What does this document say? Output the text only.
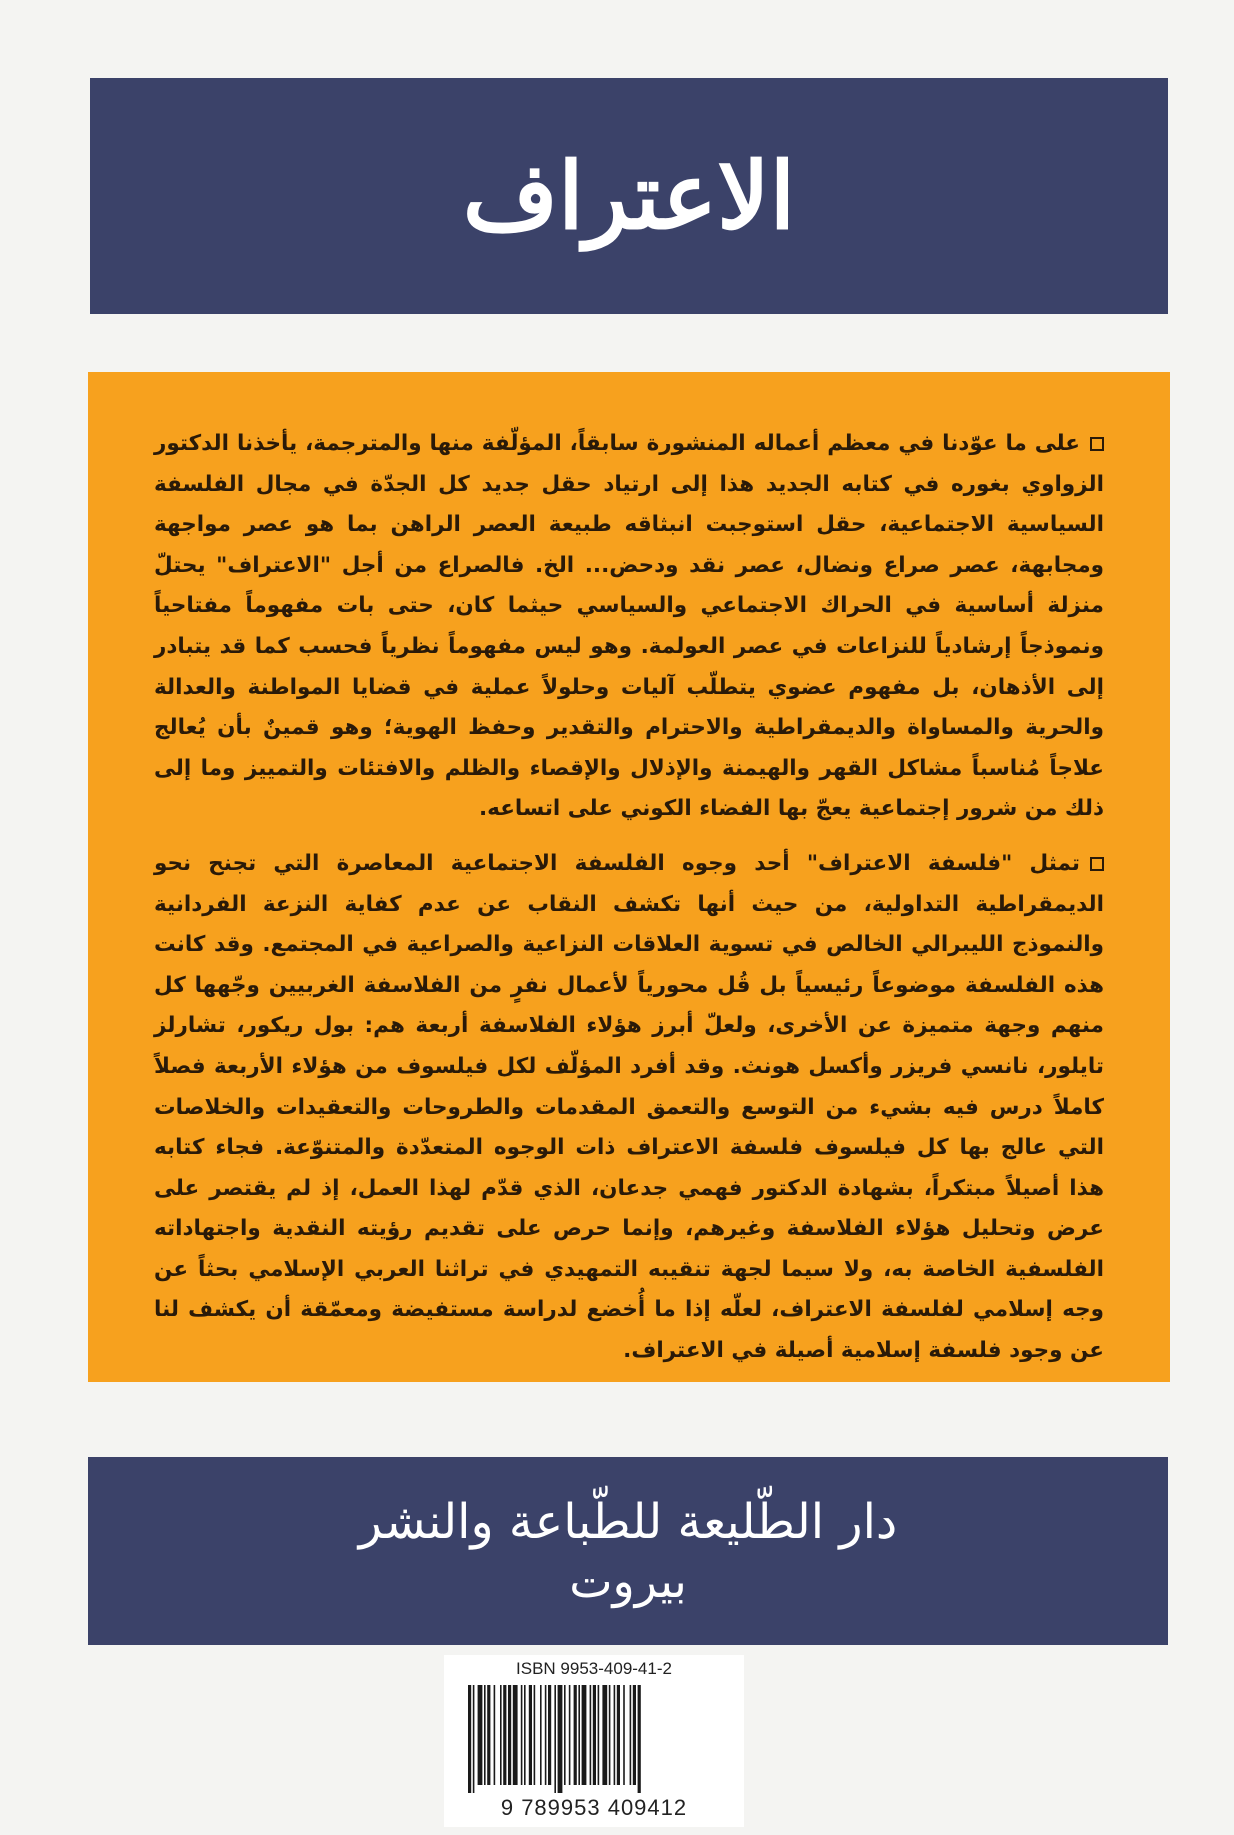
الاعتراف

على ما عوّدنا في معظم أعماله المنشورة سابقاً، المؤلّفة منها والمترجمة، يأخذنا الدكتور الزواوي بغوره في كتابه الجديد هذا إلى ارتياد حقل جديد كل الجدّة في مجال الفلسفة السياسية الاجتماعية، حقل استوجبت انبثاقه طبيعة العصر الراهن بما هو عصر مواجهة ومجابهة، عصر صراع ونضال، عصر نقد ودحض... الخ. فالصراع من أجل "الاعتراف" يحتلّ منزلة أساسية في الحراك الاجتماعي والسياسي حيثما كان، حتى بات مفهوماً مفتاحياً ونموذجاً إرشادياً للنزاعات في عصر العولمة. وهو ليس مفهوماً نظرياً فحسب كما قد يتبادر إلى الأذهان، بل مفهوم عضوي يتطلّب آليات وحلولاً عملية في قضايا المواطنة والعدالة والحرية والمساواة والديمقراطية والاحترام والتقدير وحفظ الهوية؛ وهو قمينٌ بأن يُعالج علاجاً مُناسباً مشاكل القهر والهيمنة والإذلال والإقصاء والظلم والافتئات والتمييز وما إلى ذلك من شرور إجتماعية يعجّ بها الفضاء الكوني على اتساعه.

تمثل "فلسفة الاعتراف" أحد وجوه الفلسفة الاجتماعية المعاصرة التي تجنح نحو الديمقراطية التداولية، من حيث أنها تكشف النقاب عن عدم كفاية النزعة الفردانية والنموذج الليبرالي الخالص في تسوية العلاقات النزاعية والصراعية في المجتمع. وقد كانت هذه الفلسفة موضوعاً رئيسياً بل قُل محورياً لأعمال نفرٍ من الفلاسفة الغربيين وجّهها كل منهم وجهة متميزة عن الأخرى، ولعلّ أبرز هؤلاء الفلاسفة أربعة هم: بول ريكور، تشارلز تايلور، نانسي فريزر وأكسل هونث. وقد أفرد المؤلّف لكل فيلسوف من هؤلاء الأربعة فصلاً كاملاً درس فيه بشيء من التوسع والتعمق المقدمات والطروحات والتعقيدات والخلاصات التي عالج بها كل فيلسوف فلسفة الاعتراف ذات الوجوه المتعدّدة والمتنوّعة. فجاء كتابه هذا أصيلاً مبتكراً، بشهادة الدكتور فهمي جدعان، الذي قدّم لهذا العمل، إذ لم يقتصر على عرض وتحليل هؤلاء الفلاسفة وغيرهم، وإنما حرص على تقديم رؤيته النقدية واجتهاداته الفلسفية الخاصة به، ولا سيما لجهة تنقيبه التمهيدي في تراثنا العربي الإسلامي بحثاً عن وجه إسلامي لفلسفة الاعتراف، لعلّه إذا ما أُخضع لدراسة مستفيضة ومعمّقة أن يكشف لنا عن وجود فلسفة إسلامية أصيلة في الاعتراف.

دار الطّليعة للطّباعة والنشر
بيروت
ISBN 9953-409-41-2
9 789953 409412
